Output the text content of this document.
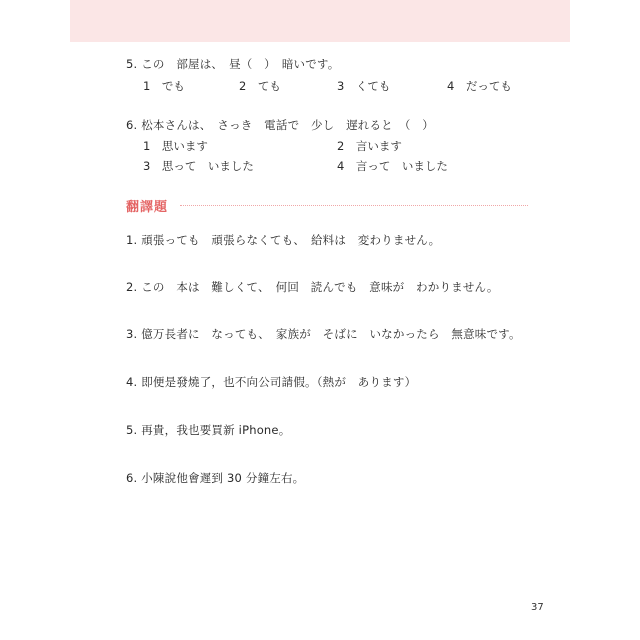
5. この　部屋は、　昼（　）　暗いです。
1　でも	2　ても	3　くても	4　だっても
6. 松本さんは、　さっき　電話で　少し　遅れると　（　）
1　思います	2　言います
3　思って　いました	4　言って　いました
翻譯題
1. 頑張っても　頑張らなくても、　給料は　変わりません。
2. この　本は　難しくて、　何回　読んでも　意味が　わかりません。
3. 億万長者に　なっても、　家族が　そばに　いなかったら　無意味です。
4. 即便是發燒了，也不向公司請假。（熱が　あります）
5. 再貴，我也要買新 iPhone。
6. 小陳說他會遲到 30 分鐘左右。
37
